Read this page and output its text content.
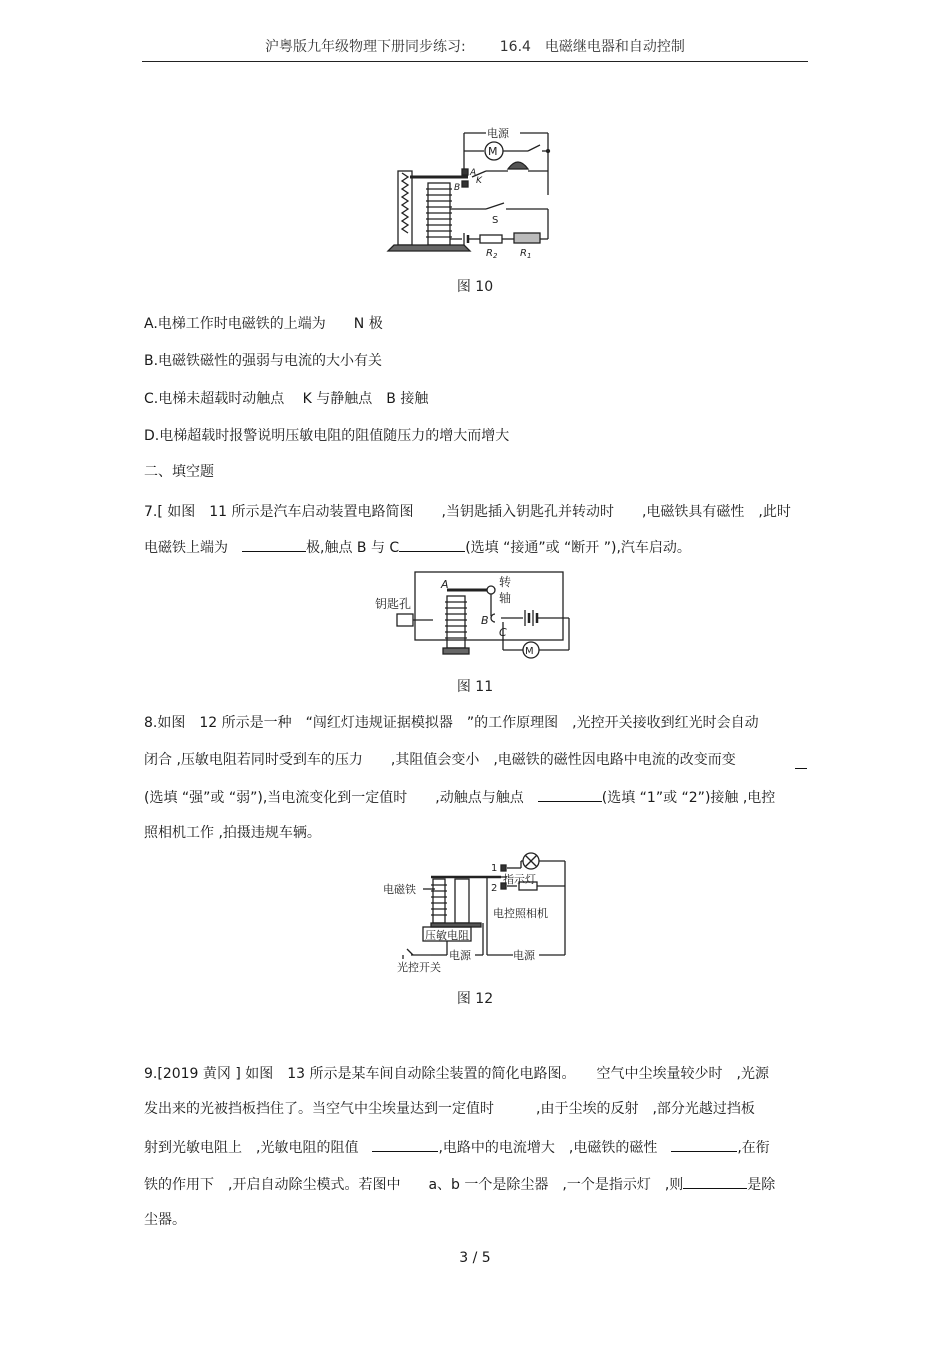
沪粤版九年级物理下册同步练习: 16.4　电磁继电器和自动控制
电源
M
A
K
B
S
$R_2$ $R_1$
图 10
A.电梯工作时电磁铁的上端为　　N 极
B.电磁铁磁性的强弱与电流的大小有关
C.电梯未超载时动触点　 K 与静触点　B 接触
D.电梯超载时报警说明压敏电阻的阻值随压力的增大而增大
二、填空题
7.[ 如图　11 所示是汽车启动装置电路简图　　,当钥匙插入钥匙孔并转动时　　,电磁铁具有磁性　,此时
电磁铁上端为　	极,触点 B 与 C	(选填 “接通”或 “断开 ”),汽车启动。
钥匙孔
A	转
轴
B
C
M
图 11
8.如图　12 所示是一种　“闯红灯违规证据模拟器　”的工作原理图　,光控开关接收到红光时会自动
闭合 ,压敏电阻若同时受到车的压力　　,其阻值会变小　,电磁铁的磁性因电路中电流的改变而变
(选填 “强”或 “弱”),当电流变化到一定值时　　,动触点与触点　	(选填 “1”或 “2”)接触 ,电控
照相机工作 ,拍摄违规车辆。
电磁铁
压敏电阻
1
2
指示灯
电控照相机
电源
电源
光控开关
图 12
9.[2019 黄冈 ] 如图　13 所示是某车间自动除尘装置的简化电路图。　　空气中尘埃量较少时　,光源
发出来的光被挡板挡住了。当空气中尘埃量达到一定值时　　　,由于尘埃的反射　,部分光越过挡板
射到光敏电阻上　,光敏电阻的阻值　	,电路中的电流增大　,电磁铁的磁性　	,在衔
铁的作用下　,开启自动除尘模式。若图中　　a、b 一个是除尘器　,一个是指示灯　,则	是除
尘器。
3 / 5
